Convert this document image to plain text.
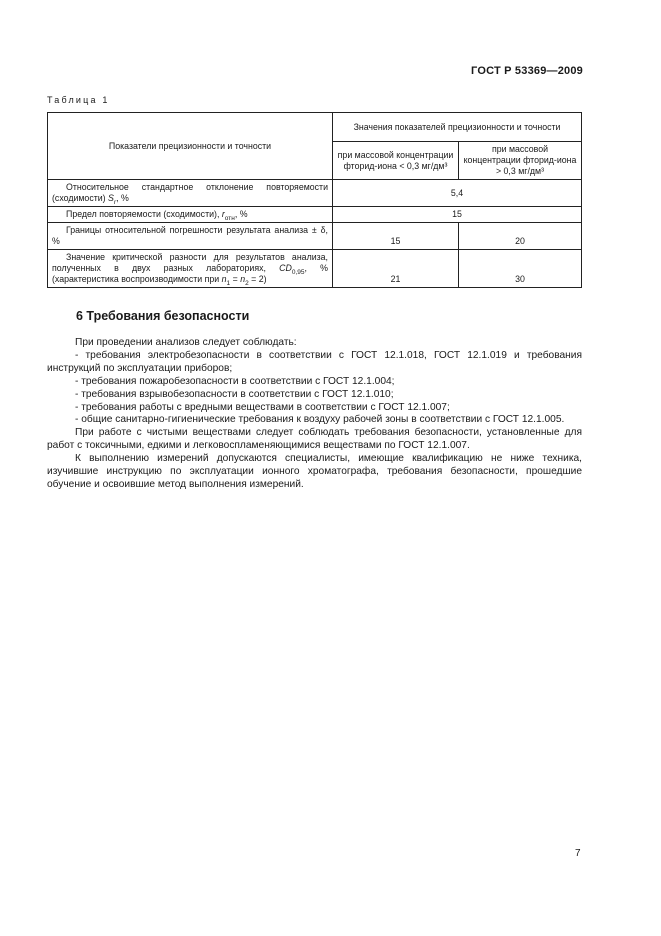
ГОСТ Р 53369—2009
Таблица 1
Показатели прецизионности и точности	Значения показателей прецизионности и точности	
	при массовой концентрации фторид-иона < 0,3 мг/дм³	при массовой концентрации фторид-иона > 0,3 мг/дм³
Относительное стандартное отклонение повторяемости (сходимости) $S_r$, %	5,4	
Предел повторяемости (сходимости), $r_{отн}$, %	15	
Границы относительной погрешности результата анализа ± δ, %	15	20
Значение критической разности для результатов анализа, полученных в двух разных лабораториях, $CD_{0,95}$, % (характеристика воспроизводимости при $n_1 = n_2 = 2$)	21	30
6 Требования безопасности

При проведении анализов следует соблюдать:

- требования электробезопасности в соответствии с ГОСТ 12.1.018, ГОСТ 12.1.019 и требования инструкций по эксплуатации приборов;

- требования пожаробезопасности в соответствии с ГОСТ 12.1.004;

- требования взрывобезопасности в соответствии с ГОСТ 12.1.010;

- требования работы с вредными веществами в соответствии с ГОСТ 12.1.007;

- общие санитарно-гигиенические требования к воздуху рабочей зоны в соответствии с ГОСТ 12.1.005.

При работе с чистыми веществами следует соблюдать требования безопасности, установленные для работ с токсичными, едкими и легковоспламеняющимися веществами по ГОСТ 12.1.007.

К выполнению измерений допускаются специалисты, имеющие квалификацию не ниже техника, изучившие инструкцию по эксплуатации ионного хроматографа, требования безопасности, прошедшие обучение и освоившие метод выполнения измерений.

7
